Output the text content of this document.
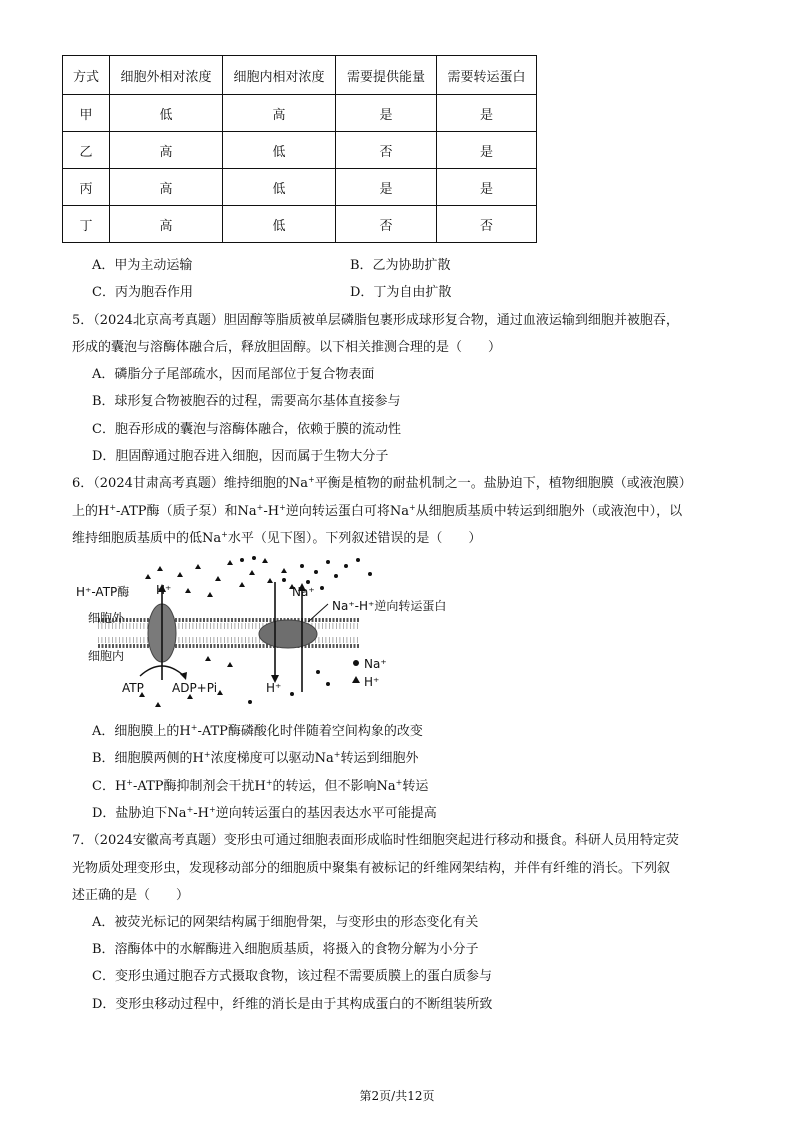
方式	细胞外相对浓度	细胞内相对浓度	需要提供能量	需要转运蛋白
甲	低	高	是	是
乙	高	低	否	是
丙	高	低	是	是
丁	高	低	否	否
A．甲为主动运输	B．乙为协助扩散
C．丙为胞吞作用	D．丁为自由扩散
5．（2024北京高考真题）胆固醇等脂质被单层磷脂包裹形成球形复合物，通过血液运输到细胞并被胞吞，
形成的囊泡与溶酶体融合后，释放胆固醇。以下相关推测合理的是（　　）
A．磷脂分子尾部疏水，因而尾部位于复合物表面
B．球形复合物被胞吞的过程，需要高尔基体直接参与
C．胞吞形成的囊泡与溶酶体融合，依赖于膜的流动性
D．胆固醇通过胞吞进入细胞，因而属于生物大分子
6．（2024甘肃高考真题）维持细胞的Na+平衡是植物的耐盐机制之一。盐胁迫下，植物细胞膜（或液泡膜）
上的H+-ATP酶（质子泵）和Na+-H+逆向转运蛋白可将Na+从细胞质基质中转运到细胞外（或液泡中），以
维持细胞质基质中的低Na+水平（见下图）。下列叙述错误的是（　　）
H⁺-ATP酶
细胞外
细胞内
H⁺	Na⁺
Na⁺-H⁺逆向转运蛋白
H⁺
ATP ADP+Pi
Na⁺
H⁺
A．细胞膜上的H+-ATP酶磷酸化时伴随着空间构象的改变
B．细胞膜两侧的H+浓度梯度可以驱动Na+转运到细胞外
C．H+-ATP酶抑制剂会干扰H+的转运，但不影响Na+转运
D．盐胁迫下Na+-H+逆向转运蛋白的基因表达水平可能提高
7．（2024安徽高考真题）变形虫可通过细胞表面形成临时性细胞突起进行移动和摄食。科研人员用特定荧
光物质处理变形虫，发现移动部分的细胞质中聚集有被标记的纤维网架结构，并伴有纤维的消长。下列叙
述正确的是（　　）
A．被荧光标记的网架结构属于细胞骨架，与变形虫的形态变化有关
B．溶酶体中的水解酶进入细胞质基质，将摄入的食物分解为小分子
C．变形虫通过胞吞方式摄取食物，该过程不需要质膜上的蛋白质参与
D．变形虫移动过程中，纤维的消长是由于其构成蛋白的不断组装所致
第2页/共12页
